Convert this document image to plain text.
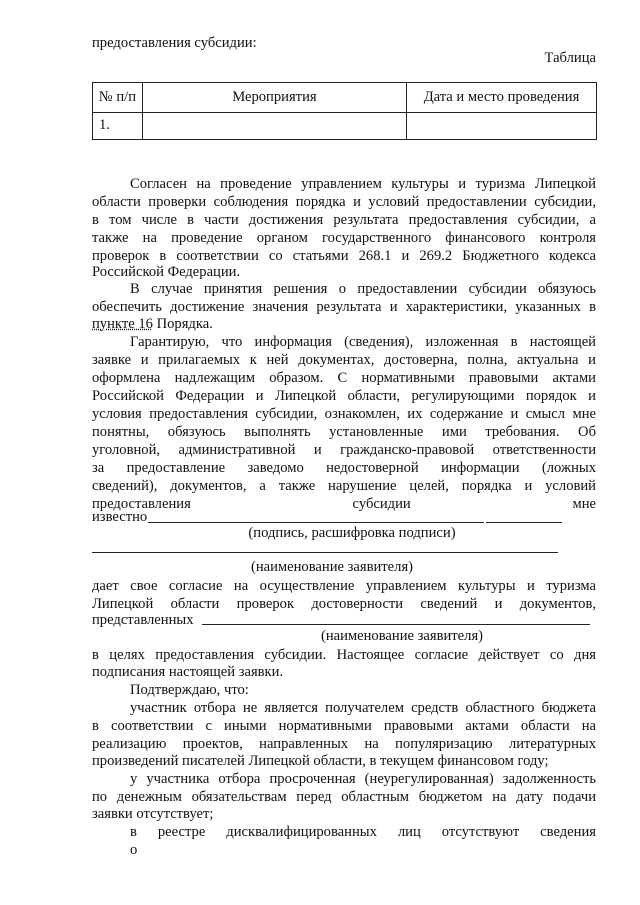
предоставления субсидии:
Таблица
№ п/п	Мероприятия	Дата и место проведения
1.		
Согласен на проведение управлением культуры и туризма Липецкой
области проверки соблюдения порядка и условий предоставлении субсидии,
в том числе в части достижения результата предоставления субсидии, а
также на проведение органом государственного финансового контроля
проверок в соответствии со статьями 268.1 и 269.2 Бюджетного кодекса
Российской Федерации.
В случае принятия решения о предоставлении субсидии обязуюсь
обеспечить достижение значения результата и характеристики, указанных в
пункте 16 Порядка.
Гарантирую, что информация (сведения), изложенная в настоящей
заявке и прилагаемых к ней документах, достоверна, полна, актуальна и
оформлена надлежащим образом. С нормативными правовыми актами
Российской Федерации и Липецкой области, регулирующими порядок и
условия предоставления субсидии, ознакомлен, их содержание и смысл мне
понятны, обязуюсь выполнять установленные ими требования. Об
уголовной, административной и гражданско-правовой ответственности
за предоставление заведомо недостоверной информации (ложных
сведений), документов, а также нарушение целей, порядка и условий
предоставления субсидии мне
известно
(подпись, расшифровка подписи)
(наименование заявителя)
дает свое согласие на осуществление управлением культуры и туризма
Липецкой области проверок достоверности сведений и документов,
представленных
(наименование заявителя)
в целях предоставления субсидии. Настоящее согласие действует со дня
подписания настоящей заявки.
Подтверждаю, что:
участник отбора не является получателем средств областного бюджета
в соответствии с иными нормативными правовыми актами области на
реализацию проектов, направленных на популяризацию литературных
произведений писателей Липецкой области, в текущем финансовом году;
у участника отбора просроченная (неурегулированная) задолженность
по денежным обязательствам перед областным бюджетом на дату подачи
заявки отсутствует;
в реестре дисквалифицированных лиц отсутствуют сведения о
